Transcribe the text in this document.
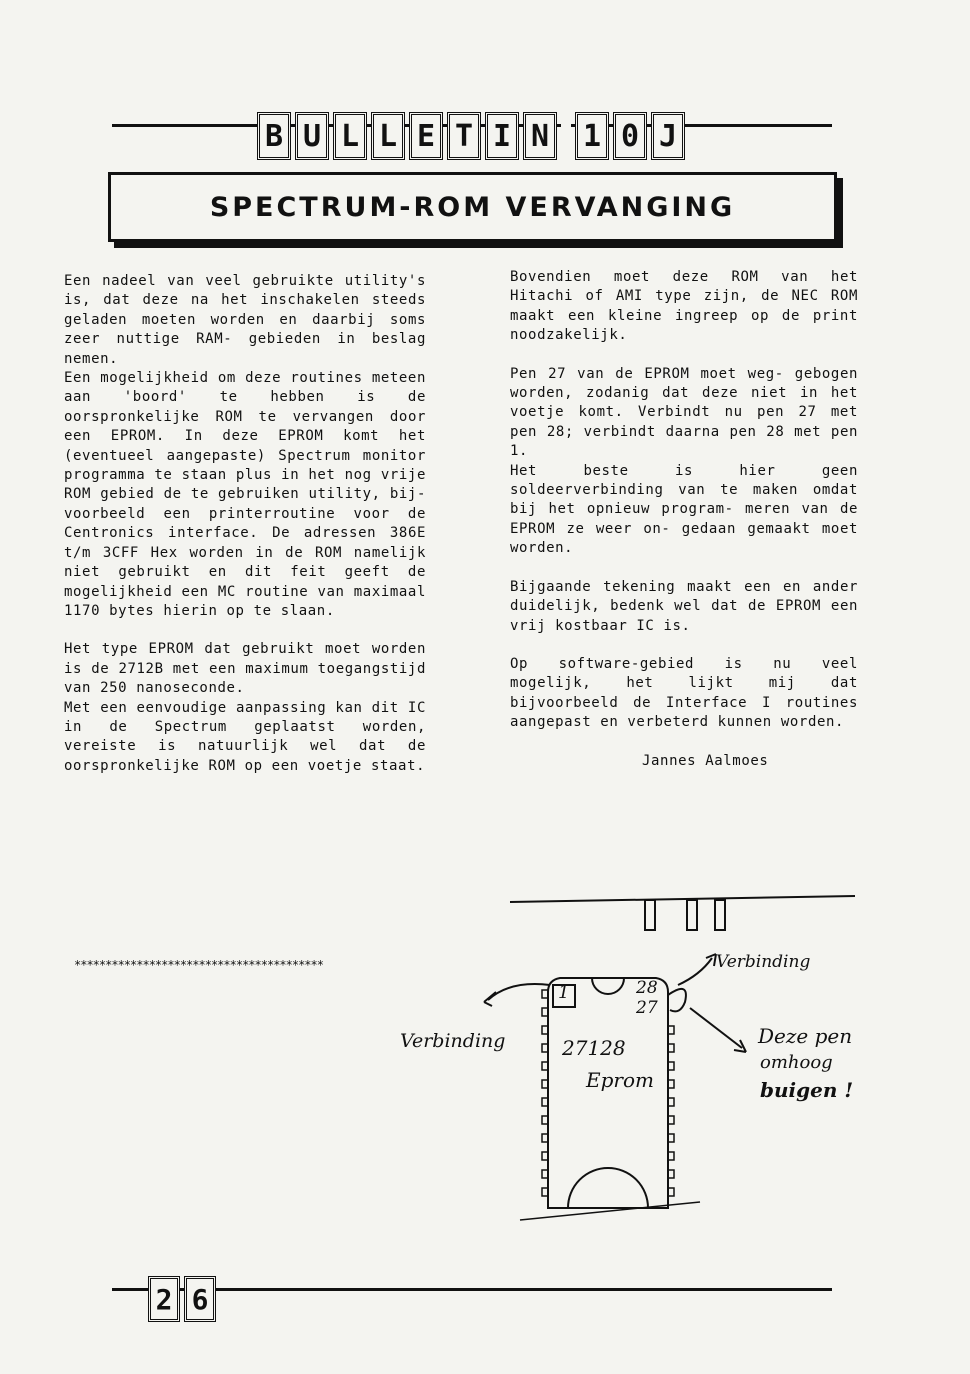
B U L L E T I N 1 0 J
SPECTRUM-ROM VERVANGING

Een nadeel van veel gebruikte utility's is, dat deze na het inschakelen steeds geladen moeten worden en daarbij soms zeer nuttige RAM- gebieden in beslag nemen.

Een mogelijkheid om deze routines meteen aan 'boord' te hebben is de oorspronkelijke ROM te vervangen door een EPROM. In deze EPROM komt het (eventueel aangepaste) Spectrum monitor programma te staan plus in het nog vrije ROM gebied de te gebruiken utility, bij- voorbeeld een printerroutine voor de Centronics interface. De adressen 386E t/m 3CFF Hex worden in de ROM namelijk niet gebruikt en dit feit geeft de mogelijkheid een MC routine van maximaal 1170 bytes hierin op te slaan.

Het type EPROM dat gebruikt moet worden is de 2712B met een maximum toegangstijd van 250 nanoseconde.

Met een eenvoudige aanpassing kan dit IC in de Spectrum geplaatst worden, vereiste is natuurlijk wel dat de oorspronkelijke ROM op een voetje staat.

Bovendien moet deze ROM van het Hitachi of AMI type zijn, de NEC ROM maakt een kleine ingreep op de print noodzakelijk.

Pen 27 van de EPROM moet weg- gebogen worden, zodanig dat deze niet in het voetje komt. Verbindt nu pen 27 met pen 28; verbindt daarna pen 28 met pen 1.

Het beste is hier geen soldeerverbinding van te maken omdat bij het opnieuw program- meren van de EPROM ze weer on- gedaan gemaakt moet worden.

Bijgaande tekening maakt een en ander duidelijk, bedenk wel dat de EPROM een vrij kostbaar IC is.

Op software-gebied is nu veel mogelijk, het lijkt mij dat bijvoorbeeld de Interface I routines aangepast en verbeterd kunnen worden.

Jannes Aalmoes

****************************************
Verbinding
Verbinding
Deze pen
omhoog
buigen !
27128
Eprom
1	28
27
2 6
